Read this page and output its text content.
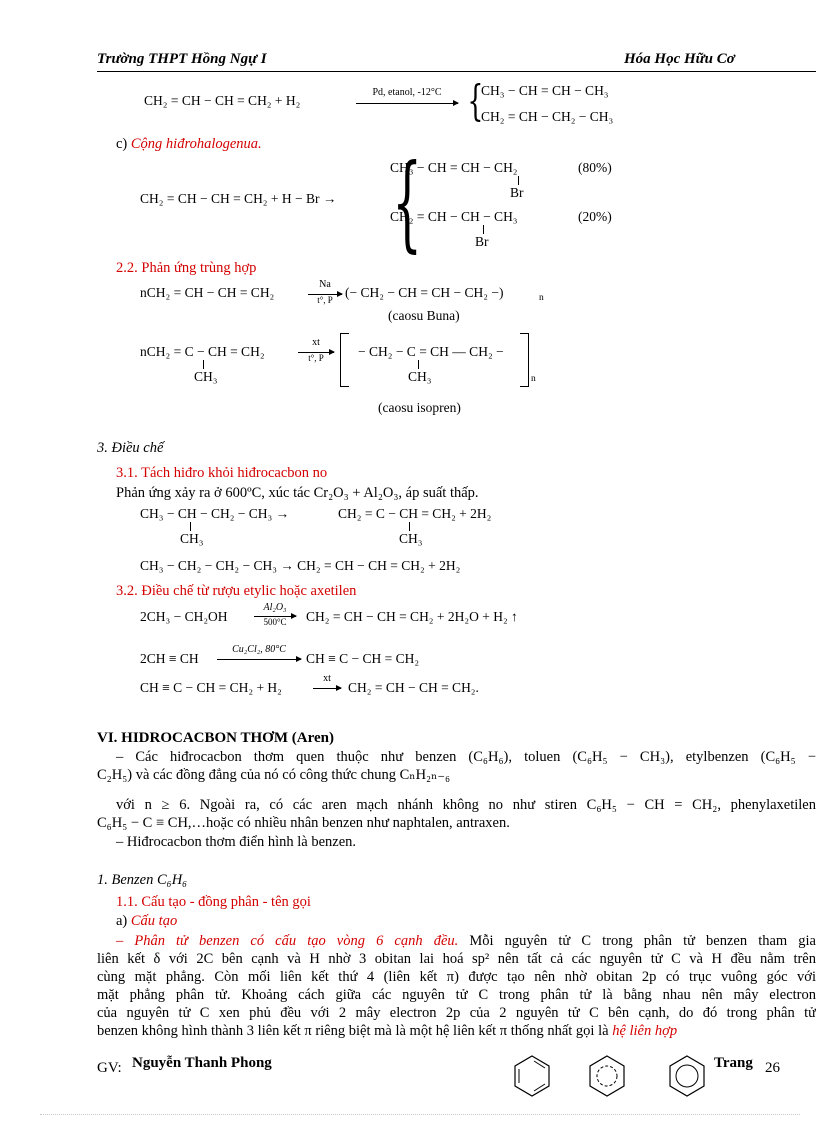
Trường THPT Hồng Ngự I	Hóa Học Hữu Cơ
CH₂ = CH − CH = CH₂ + H₂
Pd, etanol, -12°C {
CH₃ − CH = CH − CH₃
CH₂ = CH − CH₂ − CH₃
c) Cộng hiđrohalogenua.
CH₂ = CH − CH = CH₂ + H − Br → {
CH₃ − CH = CH − CH₂	(80%)
Br
CH₂ = CH − CH − CH₃	(20%)
Br
2.2. Phản ứng trùng hợp
nCH₂ = CH − CH = CH₂
Na
t°, P (− CH₂ − CH = CH − CH₂ −)	n
(caosu Buna)
nCH₂ = C − CH = CH₂
CH₃
xt
t°, P	− CH₂ − C = CH — CH₂ −
CH₃	n
(caosu isopren)
3. Điều chế
3.1. Tách hiđro khỏi hiđrocacbon no
Phản ứng xảy ra ở 600ºC, xúc tác Cr₂O₃ + Al₂O₃, áp suất thấp.
CH₃ − CH − CH₂ − CH₃ →
CH₃
CH₂ = C − CH = CH₂ + 2H₂
CH₃
CH₃ − CH₂ − CH₂ − CH₃ → CH₂ = CH − CH = CH₂ + 2H₂
3.2. Điều chế từ rượu etylic hoặc axetilen
2CH₃ − CH₂OH
Al₂O₃
500°C	CH₂ = CH − CH = CH₂ + 2H₂O + H₂ ↑
2CH ≡ CH
Cu₂Cl₂, 80°C
CH ≡ C − CH = CH₂
CH ≡ C − CH = CH₂ + H₂
xt
CH₂ = CH − CH = CH₂.
VI. HIDROCACBON THƠM (Aren)
– Các hiđrocacbon thơm quen thuộc như benzen (C₆H₆), toluen (C₆H₅ − CH₃), etylbenzen (C₆H₅ −
C₂H₅) và các đồng đẳng của nó có công thức chung CₙH₂ₙ₋₆
với n ≥ 6. Ngoài ra, có các aren mạch nhánh không no như stiren C₆H₅ − CH = CH₂, phenylaxetilen
C₆H₅ − C ≡ CH,…hoặc có nhiều nhân benzen như naphtalen, antraxen.
– Hiđrocacbon thơm điển hình là benzen.
1. Benzen C₆H₆
1.1. Cấu tạo - đồng phân - tên gọi
a) Cấu tạo
– Phân tử benzen có cấu tạo vòng 6 cạnh đều. Mỗi nguyên tử C trong phân tử benzen tham gia
liên kết δ với 2C bên cạnh và H nhờ 3 obitan lai hoá sp² nên tất cả các nguyên tử C và H đều nằm trên
cùng mặt phẳng. Còn mối liên kết thứ 4 (liên kết π) được tạo nên nhờ obitan 2p có trục vuông góc với
mặt phẳng phân tử. Khoảng cách giữa các nguyên tử C trong phân tử là bằng nhau nên mây electron
của nguyên tử C xen phủ đều với 2 mây electron 2p của 2 nguyên tử C bên cạnh, do đó trong phân tử
benzen không hình thành 3 liên kết π riêng biệt mà là một hệ liên kết π thống nhất gọi là hệ liên hợp
GV: Nguyễn Thanh Phong	Trang 26
